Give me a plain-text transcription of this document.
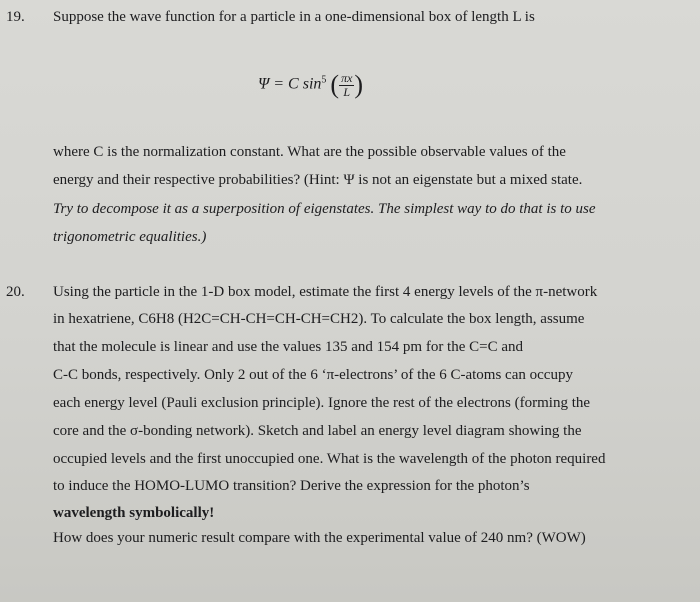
19. Suppose the wave function for a particle in a one-dimensional box of length L is
Ψ = C $\sin^5$ ( $\frac{\pi x}{L}$ )
where C is the normalization constant. What are the possible observable values of the
energy and their respective probabilities? (Hint: Ψ is not an eigenstate but a mixed state.
Try to decompose it as a superposition of eigenstates. The simplest way to do that is to use
trigonometric equalities.)
20. Using the particle in the 1-D box model, estimate the first 4 energy levels of the π-network
in hexatriene, C6H8 (H2C=CH-CH=CH-CH=CH2). To calculate the box length, assume
that the molecule is linear and use the values 135 and 154 pm for the C=C and
C-C bonds, respectively. Only 2 out of the 6 ‘π-electrons’ of the 6 C-atoms can occupy
each energy level (Pauli exclusion principle). Ignore the rest of the electrons (forming the
core and the σ-bonding network). Sketch and label an energy level diagram showing the
occupied levels and the first unoccupied one. What is the wavelength of the photon required
to induce the HOMO-LUMO transition? Derive the expression for the photon’s
wavelength symbolically!
How does your numeric result compare with the experimental value of 240 nm? (WOW)
